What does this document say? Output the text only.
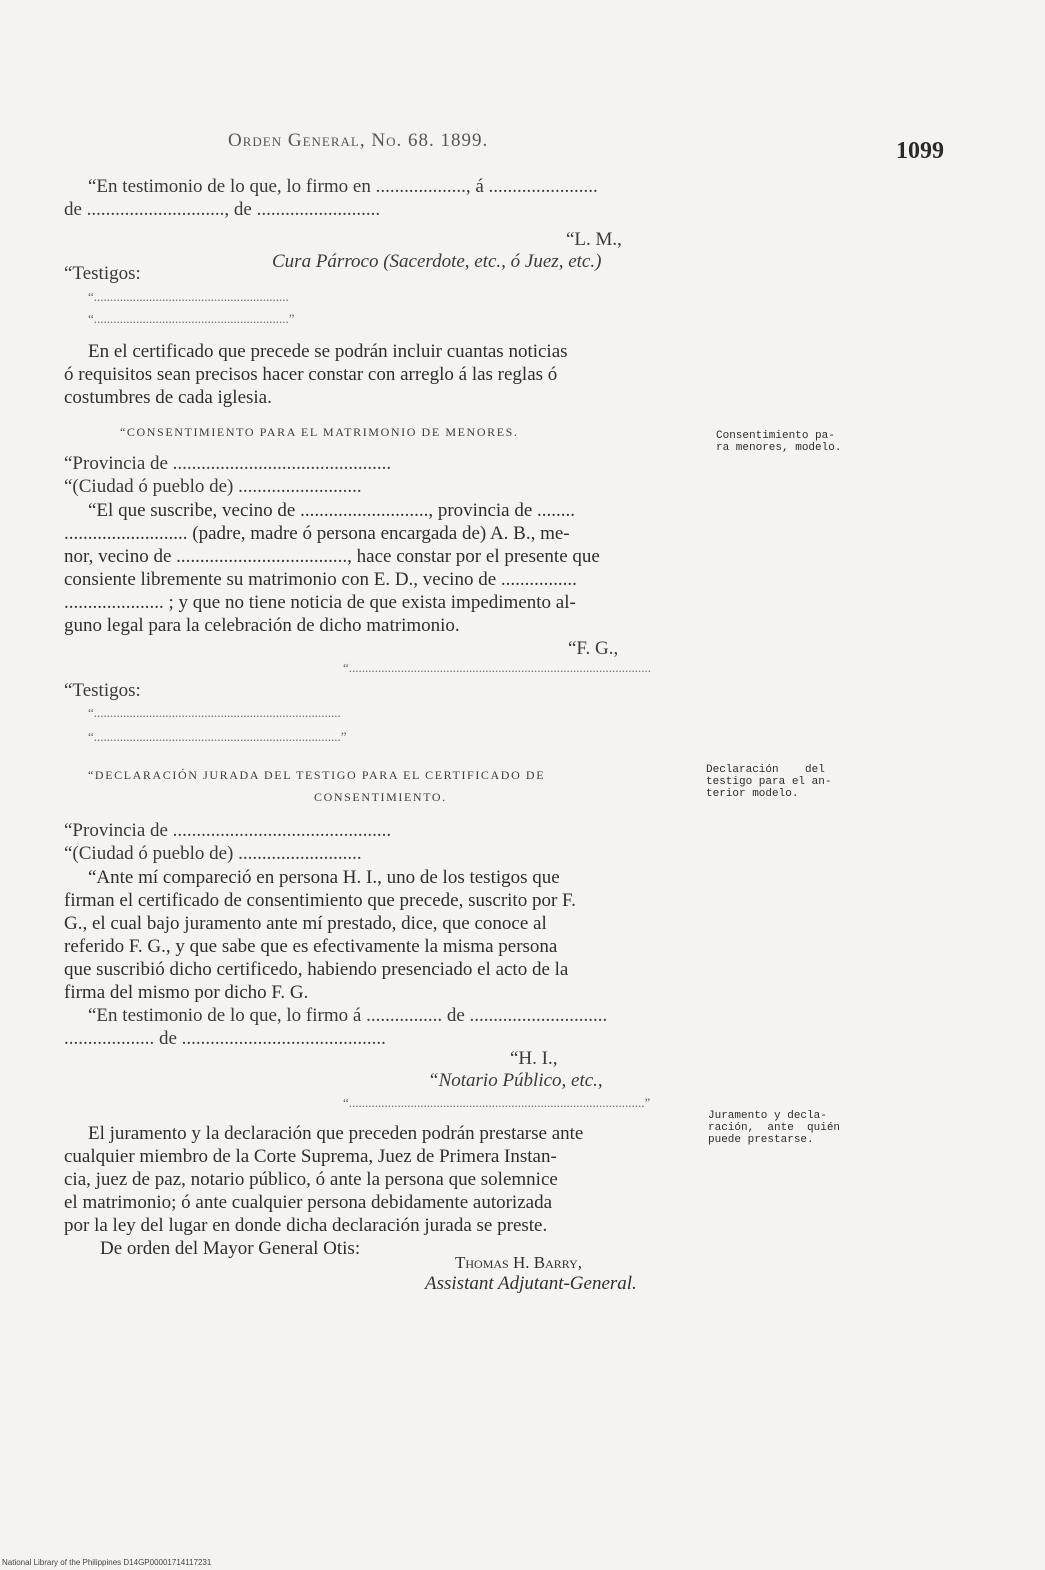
Orden General, No. 68. 1899.	1099
“En testimonio de lo que, lo firmo en ..................., á .......................
de ............................., de ..........................
“L. M.,
Cura Párroco (Sacerdote, etc., ó Juez, etc.)
“Testigos:
“............................................................
“............................................................”
En el certificado que precede se podrán incluir cuantas noticias
ó requisitos sean precisos hacer constar con arreglo á las reglas ó
costumbres de cada iglesia.
“CONSENTIMIENTO PARA EL MATRIMONIO DE MENORES.	Consentimiento pa-
ra menores, modelo.
“Provincia de ..............................................
“(Ciudad ó pueblo de) ..........................
“El que suscribe, vecino de ..........................., provincia de ........
.......................... (padre, madre ó persona encargada de) A. B., me-
nor, vecino de ...................................., hace constar por el presente que
consiente libremente su matrimonio con E. D., vecino de ................
..................... ; y que no tiene noticia de que exista impedimento al-
guno legal para la celebración de dicho matrimonio.
“F. G.,
“.............................................................................................
“Testigos:
“............................................................................
“............................................................................”
“DECLARACIÓN JURADA DEL TESTIGO PARA EL CERTIFICADO DE
CONSENTIMIENTO.
Declaración    del
testigo para el an-
terior modelo.
“Provincia de ..............................................
“(Ciudad ó pueblo de) ..........................
“Ante mí compareció en persona H. I., uno de los testigos que
firman el certificado de consentimiento que precede, suscrito por F.
G., el cual bajo juramento ante mí prestado, dice, que conoce al
referido F. G., y que sabe que es efectivamente la misma persona
que suscribió dicho certificedo, habiendo presenciado el acto de la
firma del mismo por dicho F. G.
“En testimonio de lo que, lo firmo á ................ de .............................
................... de ...........................................
“H. I.,
“Notario Público, etc.,
“...........................................................................................”
El juramento y la declaración que preceden podrán prestarse ante
cualquier miembro de la Corte Suprema, Juez de Primera Instan-
cia, juez de paz, notario público, ó ante la persona que solemnice
el matrimonio; ó ante cualquier persona debidamente autorizada
por la ley del lugar en donde dicha declaración jurada se preste.
Juramento y decla-
ración,  ante  quién
puede prestarse.
De orden del Mayor General Otis:
Thomas H. Barry,
Assistant Adjutant-General.
National Library of the Philippines D14GP00001714117231
